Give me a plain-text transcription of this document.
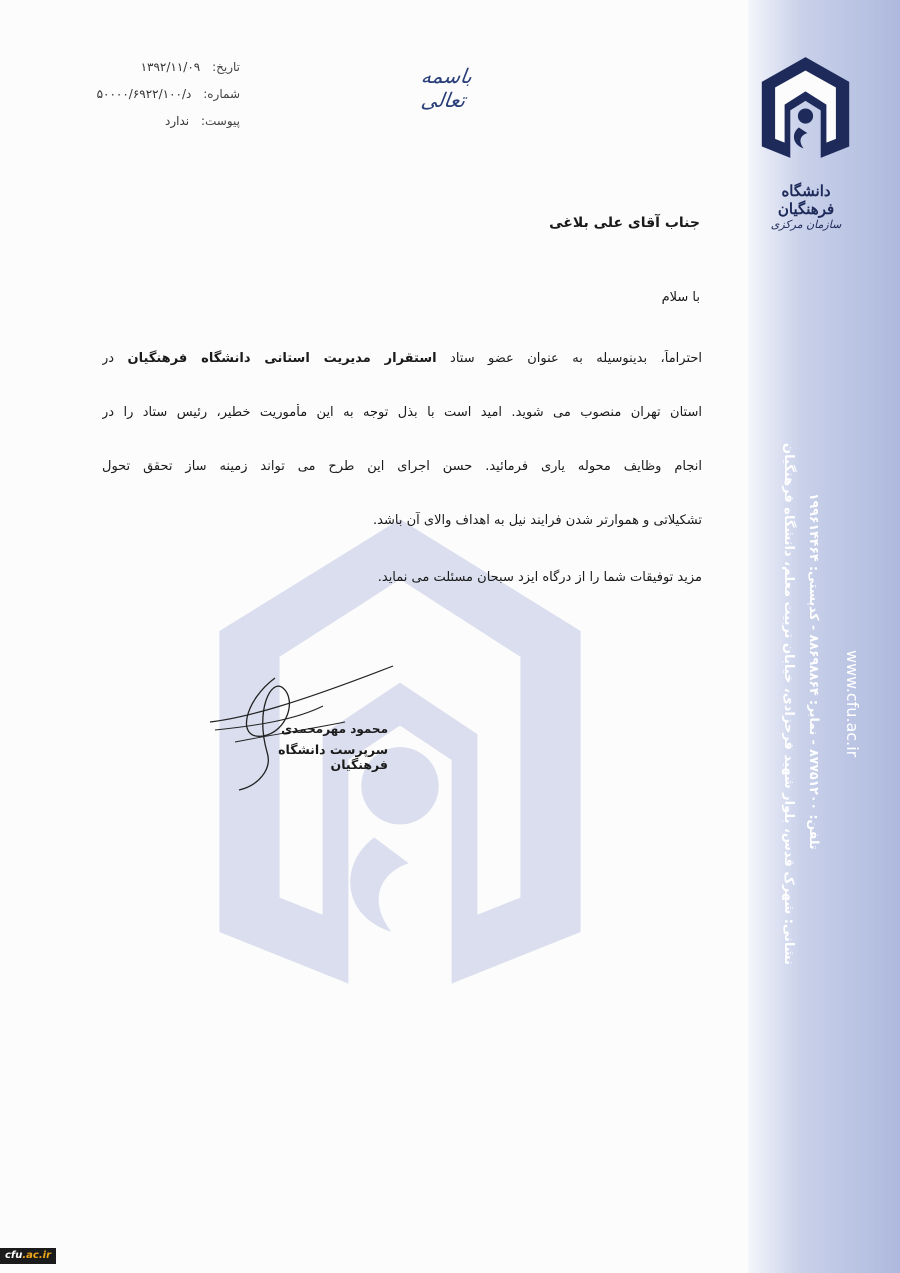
دانشگاه فرهنگیان
سازمان مرکزی
باسمه تعالی
تاریخ: ۱۳۹۲/۱۱/۰۹
شماره: د/۵۰۰۰۰/۶۹۲۲/۱۰۰
پیوست: ندارد
جناب آقای علی بلاغی
با سلام
احتراماً، بدینوسیله به عنوان عضو ستاد استقرار مدیریت استانی دانشگاه فرهنگیان در
استان تهران منصوب می شوید. امید است با بذل توجه به این مأموریت خطیر، رئیس ستاد را در
انجام وظایف محوله یاری فرمائید. حسن اجرای این طرح می تواند زمینه ساز تحقق تحول
تشکیلاتی و هموارتر شدن فرایند نیل به اهداف والای آن باشد.
مزید توفیقات شما را از درگاه ایزد سبحان مسئلت می نماید.
محمود مهرمحمدی
سرپرست دانشگاه فرهنگیان	نشانی: شهرک قدس، بلوار شهید فرحزادی، خیابان تربیت معلم، دانشگاه فرهنگیان تلفن: ۸۷۷۵۱۲۰۰ - نمابر: ۸۸۶۹۸۸۶۴ - کدپستی: ۱۹۹۶۱۴۴۶۴
www.cfu.ac.ir
cfu.ac.ir
